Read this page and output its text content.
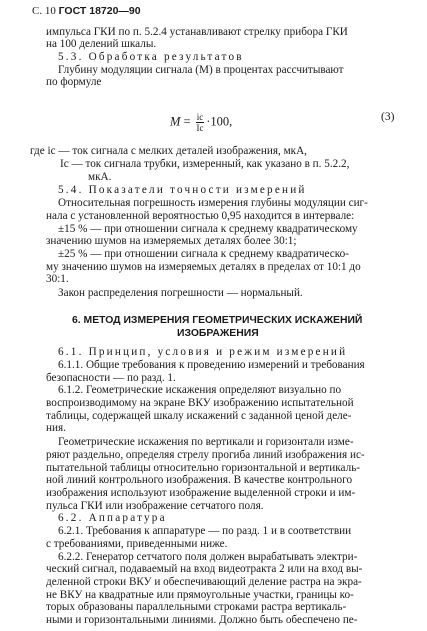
С. 10 ГОСТ 18720—90
импульса ГКИ по п. 5.2.4 устанавливают стрелку прибора ГКИ
на 100 делений шкалы.
5.3. Обработка результатов
Глубину модуляции сигнала (M) в процентах рассчитывают
по формуле
$M = \frac{iс}{Iс} \cdot 100$,	(3)
где iс — ток сигнала с мелких деталей изображения, мкА,
Iс — ток сигнала трубки, измеренный, как указано в п. 5.2.2,
мкА.
5.4. Показатели точности измерений
Относительная погрешность измерения глубины модуляции сиг-
нала с установленной вероятностью 0,95 находится в интервале:
±15 % — при отношении сигнала к среднему квадратическому
значению шумов на измеряемых деталях более 30:1;
±25 % — при отношении сигнала к среднему квадратическо-
му значению шумов на измеряемых деталях в пределах от 10:1 до
30:1.
Закон распределения погрешности — нормальный.
6. МЕТОД ИЗМЕРЕНИЯ ГЕОМЕТРИЧЕСКИХ ИСКАЖЕНИЙ
ИЗОБРАЖЕНИЯ
6.1. Принцип, условия и режим измерений
6.1.1. Общие требования к проведению измерений и требования
безопасности — по разд. 1.
6.1.2. Геометрические искажения определяют визуально по
воспроизводимому на экране ВКУ изображению испытательной
таблицы, содержащей шкалу искажений с заданной ценой деле-
ния.
Геометрические искажения по вертикали и горизонтали изме-
ряют раздельно, определяя стрелу прогиба линий изображения ис-
пытательной таблицы относительно горизонтальной и вертикаль-
ной линий контрольного изображения. В качестве контрольного
изображения используют изображение выделенной строки и им-
пульса ГКИ или изображение сетчатого поля.
6.2. Аппаратура
6.2.1. Требования к аппаратуре — по разд. 1 и в соответствии
с требованиями, приведенными ниже.
6.2.2. Генератор сетчатого поля должен вырабатывать электри-
ческий сигнал, подаваемый на вход видеотракта 2 или на вход вы-
деленной строки ВКУ и обеспечивающий деление растра на экра-
не ВКУ на квадратные или прямоугольные участки, границы ко-
торых образованы параллельными строками растра вертикаль-
ными и горизонтальными линиями. Должно быть обеспечено пе-
